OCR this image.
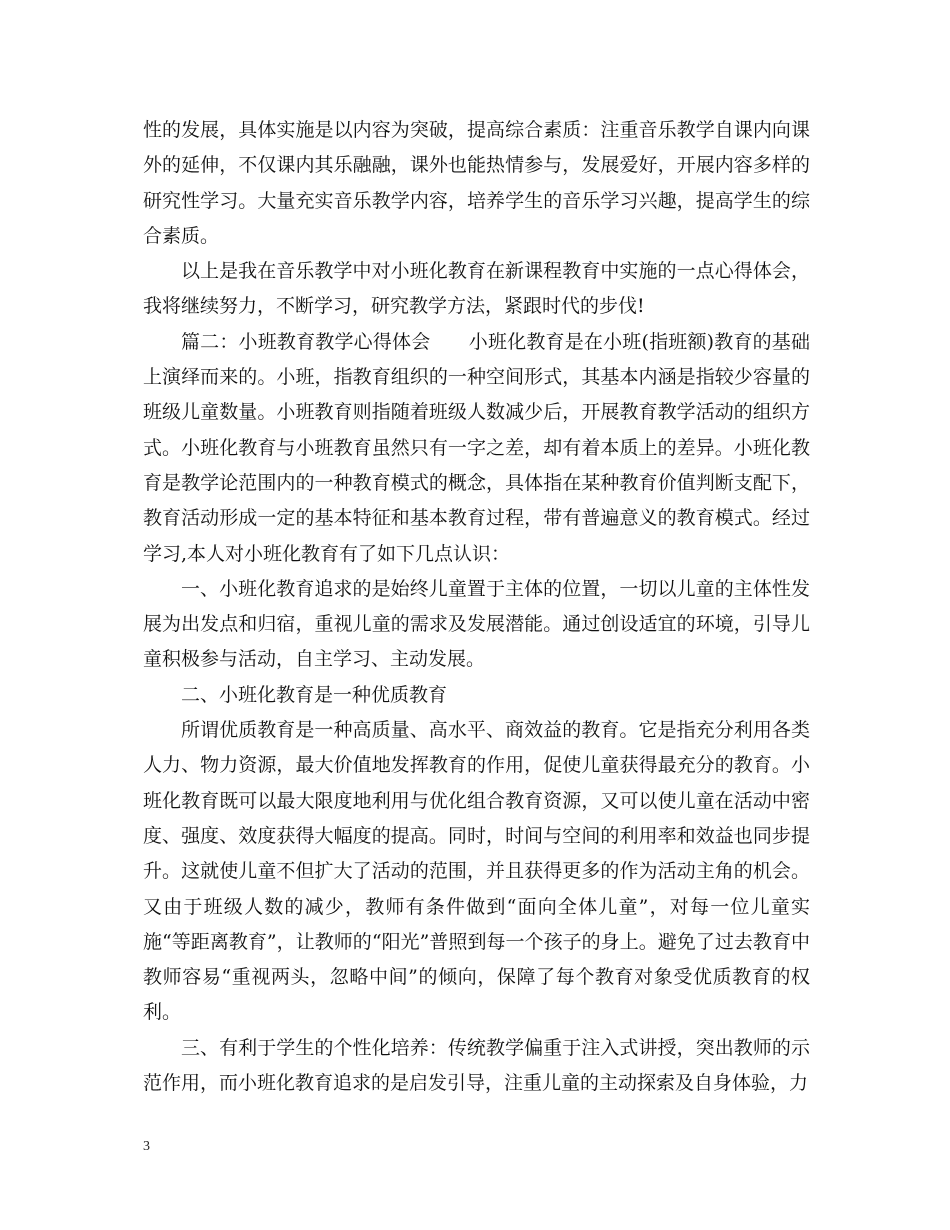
性的发展，具体实施是以内容为突破，提高综合素质：注重音乐教学自课内向课外的延伸，不仅课内其乐融融，课外也能热情参与，发展爱好，开展内容多样的研究性学习。大量充实音乐教学内容，培养学生的音乐学习兴趣，提高学生的综合素质。

以上是我在音乐教学中对小班化教育在新课程教育中实施的一点心得体会，我将继续努力，不断学习，研究教学方法，紧跟时代的步伐!

篇二：小班教育教学心得体会　　小班化教育是在小班(指班额)教育的基础上演绎而来的。小班，指教育组织的一种空间形式，其基本内涵是指较少容量的班级儿童数量。小班教育则指随着班级人数减少后，开展教育教学活动的组织方式。小班化教育与小班教育虽然只有一字之差，却有着本质上的差异。小班化教育是教学论范围内的一种教育模式的概念，具体指在某种教育价值判断支配下，教育活动形成一定的基本特征和基本教育过程，带有普遍意义的教育模式。经过学习,本人对小班化教育有了如下几点认识：

一、小班化教育追求的是始终儿童置于主体的位置，一切以儿童的主体性发展为出发点和归宿，重视儿童的需求及发展潜能。通过创设适宜的环境，引导儿童积极参与活动，自主学习、主动发展。

二、小班化教育是一种优质教育

所谓优质教育是一种高质量、高水平、商效益的教育。它是指充分利用各类人力、物力资源，最大价值地发挥教育的作用，促使儿童获得最充分的教育。小班化教育既可以最大限度地利用与优化组合教育资源，又可以使儿童在活动中密度、强度、效度获得大幅度的提高。同时，时间与空间的利用率和效益也同步提升。这就使儿童不但扩大了活动的范围，并且获得更多的作为活动主角的机会。又由于班级人数的减少，教师有条件做到“面向全体儿童”，对每一位儿童实施“等距离教育”，让教师的“阳光”普照到每一个孩子的身上。避免了过去教育中教师容易“重视两头，忽略中间”的倾向，保障了每个教育对象受优质教育的权利。

三、有利于学生的个性化培养：传统教学偏重于注入式讲授，突出教师的示范作用，而小班化教育追求的是启发引导，注重儿童的主动探索及自身体验，力

3
